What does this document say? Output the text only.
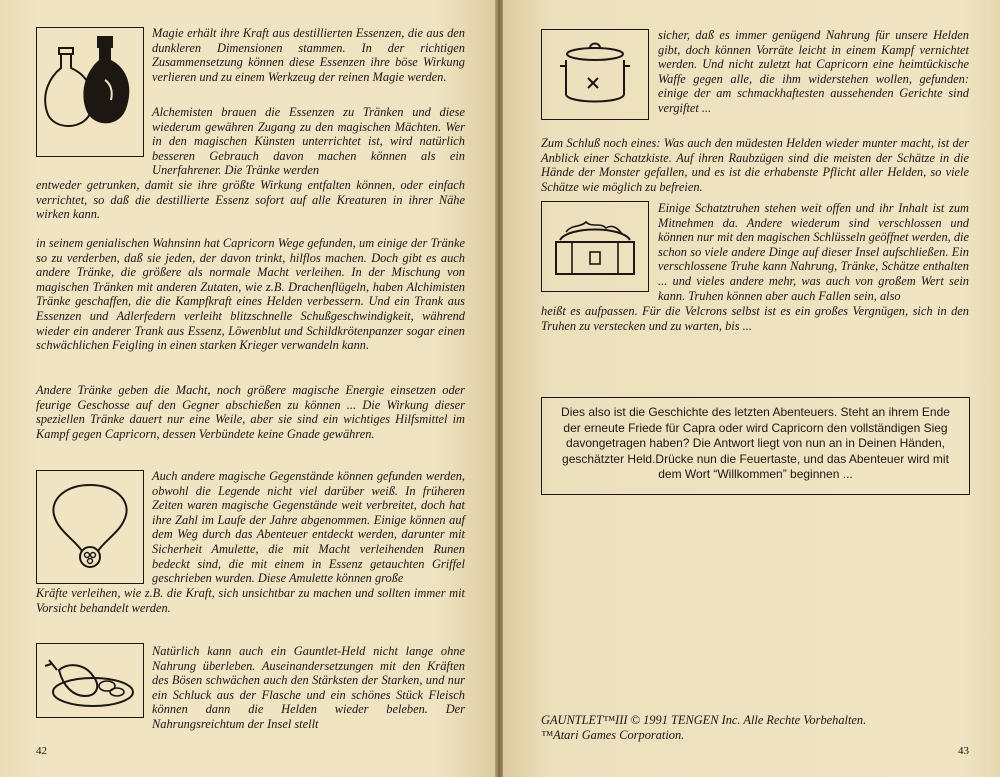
Magie erhält ihre Kraft aus destillierten Essenzen, die aus den dunkleren Dimensionen stammen. In der richtigen Zusammensetzung können diese Essenzen ihre böse Wirkung verlieren und zu einem Werkzeug der reinen Magie werden.

Alchemisten brauen die Essenzen zu Tränken und diese wiederum gewähren Zugang zu den magischen Mächten. Wer in den magischen Künsten unterrichtet ist, wird natürlich besseren Gebrauch davon machen können als ein Unerfahrener. Die Tränke werden

entweder getrunken, damit sie ihre größte Wirkung entfalten können, oder einfach verrichtet, so daß die destillierte Essenz sofort auf alle Kreaturen in ihrer Nähe wirken kann.

in seinem genialischen Wahnsinn hat Capricorn Wege gefunden, um einige der Tränke so zu verderben, daß sie jeden, der davon trinkt, hilflos machen. Doch gibt es auch andere Tränke, die größere als normale Macht verleihen. In der Mischung von magischen Tränken mit anderen Zutaten, wie z.B. Drachenflügeln, haben Alchimisten Tränke geschaffen, die die Kampfkraft eines Helden verbessern. Und ein Trank aus Essenzen und Adlerfedern verleiht blitzschnelle Schußgeschwindigkeit, während wieder ein anderer Trank aus Essenz, Löwenblut und Schildkrötenpanzer sogar einen schwächlichen Feigling in einen starken Krieger verwandeln kann.

Andere Tränke geben die Macht, noch größere magische Energie einsetzen oder feurige Geschosse auf den Gegner abschießen zu können ... Die Wirkung dieser speziellen Tränke dauert nur eine Weile, aber sie sind ein wichtiges Hilfsmittel im Kampf gegen Capricorn, dessen Verbündete keine Gnade gewähren.

Auch andere magische Gegenstände können gefunden werden, obwohl die Legende nicht viel darüber weiß. In früheren Zeiten waren magische Gegenstände weit verbreitet, doch hat ihre Zahl im Laufe der Jahre abgenommen. Einige können auf dem Weg durch das Abenteuer entdeckt werden, darunter mit Sicherheit Amulette, die mit Macht verleihenden Runen bedeckt sind, die mit einem in Essenz getauchten Griffel geschrieben wurden. Diese Amulette können große

Kräfte verleihen, wie z.B. die Kraft, sich unsichtbar zu machen und sollten immer mit Vorsicht behandelt werden.

Natürlich kann auch ein Gauntlet-Held nicht lange ohne Nahrung überleben. Auseinandersetzungen mit den Kräften des Bösen schwächen auch den Stärksten der Starken, und nur ein Schluck aus der Flasche und ein schönes Stück Fleisch können dann die Helden wieder beleben. Der Nahrungsreichtum der Insel stellt

42

sicher, daß es immer genügend Nahrung für unsere Helden gibt, doch können Vorräte leicht in einem Kampf vernichtet werden. Und nicht zuletzt hat Capricorn eine heimtückische Waffe gegen alle, die ihm widerstehen wollen, gefunden: einige der am schmackhaftesten aussehenden Gerichte sind vergiftet ...

Zum Schluß noch eines: Was auch den müdesten Helden wieder munter macht, ist der Anblick einer Schatzkiste. Auf ihren Raubzügen sind die meisten der Schätze in die Hände der Monster gefallen, und es ist die erhabenste Pflicht aller Helden, so viele Schätze wie möglich zu befreien.

Einige Schatztruhen stehen weit offen und ihr Inhalt ist zum Mitnehmen da. Andere wiederum sind verschlossen und können nur mit den magischen Schlüsseln geöffnet werden, die schon so viele andere Dinge auf dieser Insel aufschließen. Ein verschlossene Truhe kann Nahrung, Tränke, Schätze enthalten ... und vieles andere mehr, was auch von großem Wert sein kann. Truhen können aber auch Fallen sein, also

heißt es aufpassen. Für die Velcrons selbst ist es ein großes Vergnügen, sich in den Truhen zu verstecken und zu warten, bis ...

43

Dies also ist die Geschichte des letzten Abenteuers. Steht an ihrem Ende der erneute Friede für Capra oder wird Capricorn den vollständigen Sieg davongetragen haben? Die Antwort liegt von nun an in Deinen Händen, geschätzter Held.Drücke nun die Feuertaste, und das Abenteuer wird mit dem Wort “Willkommen” beginnen ...

GAUNTLET™III © 1991 TENGEN Inc. Alle Rechte Vorbehalten.
™Atari Games Corporation.
